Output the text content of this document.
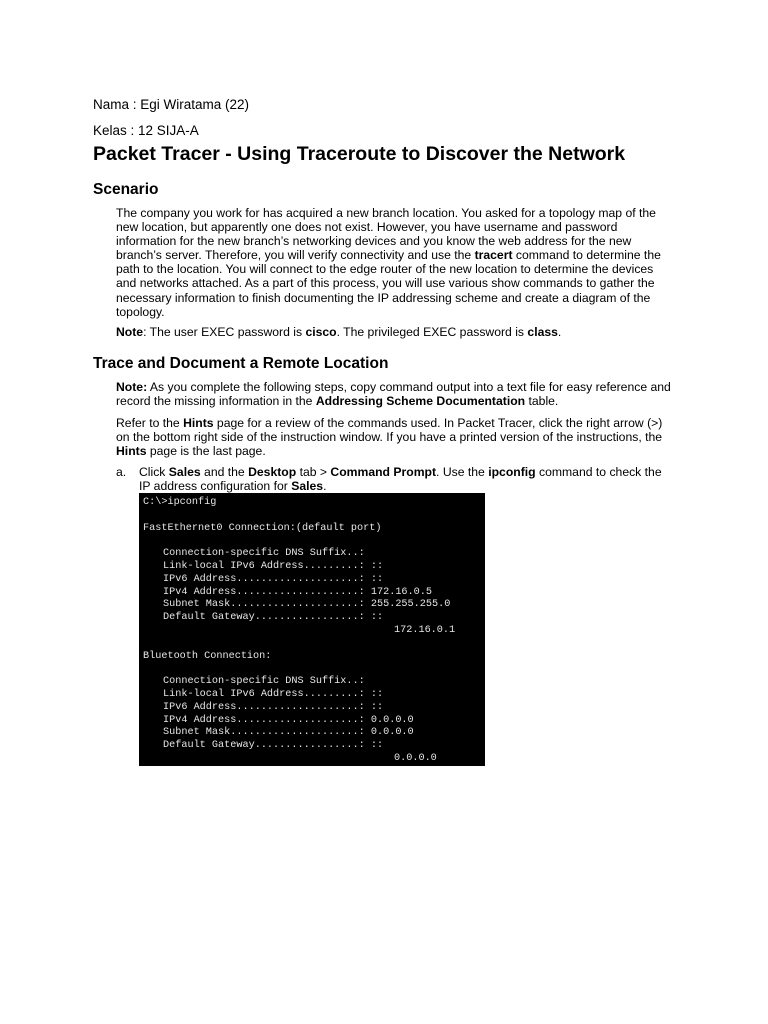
Nama : Egi Wiratama (22)
Kelas : 12 SIJA-A
Packet Tracer - Using Traceroute to Discover the Network
Scenario

The company you work for has acquired a new branch location. You asked for a topology map of the new location, but apparently one does not exist. However, you have username and password information for the new branch’s networking devices and you know the web address for the new branch’s server. Therefore, you will verify connectivity and use the tracert command to determine the path to the location. You will connect to the edge router of the new location to determine the devices and networks attached. As a part of this process, you will use various show commands to gather the necessary information to finish documenting the IP addressing scheme and create a diagram of the topology.

Note: The user EXEC password is cisco. The privileged EXEC password is class.

Trace and Document a Remote Location

Note: As you complete the following steps, copy command output into a text file for easy reference and record the missing information in the Addressing Scheme Documentation table.

Refer to the Hints page for a review of the commands used. In Packet Tracer, click the right arrow (>) on the bottom right side of the instruction window. If you have a printed version of the instructions, the Hints page is the last page.

a. Click Sales and the Desktop tab > Command Prompt. Use the ipconfig command to check the IP address configuration for Sales.
C:\>ipconfig
FastEthernet0 Connection:(default port)
Connection-specific DNS Suffix..:
Link-local IPv6 Address.........: ::
IPv6 Address....................: ::
IPv4 Address....................: 172.16.0.5
Subnet Mask.....................: 255.255.255.0
Default Gateway.................: ::
172.16.0.1
Bluetooth Connection:
Connection-specific DNS Suffix..:
Link-local IPv6 Address.........: ::
IPv6 Address....................: ::
IPv4 Address....................: 0.0.0.0
Subnet Mask.....................: 0.0.0.0
Default Gateway.................: ::
0.0.0.0
